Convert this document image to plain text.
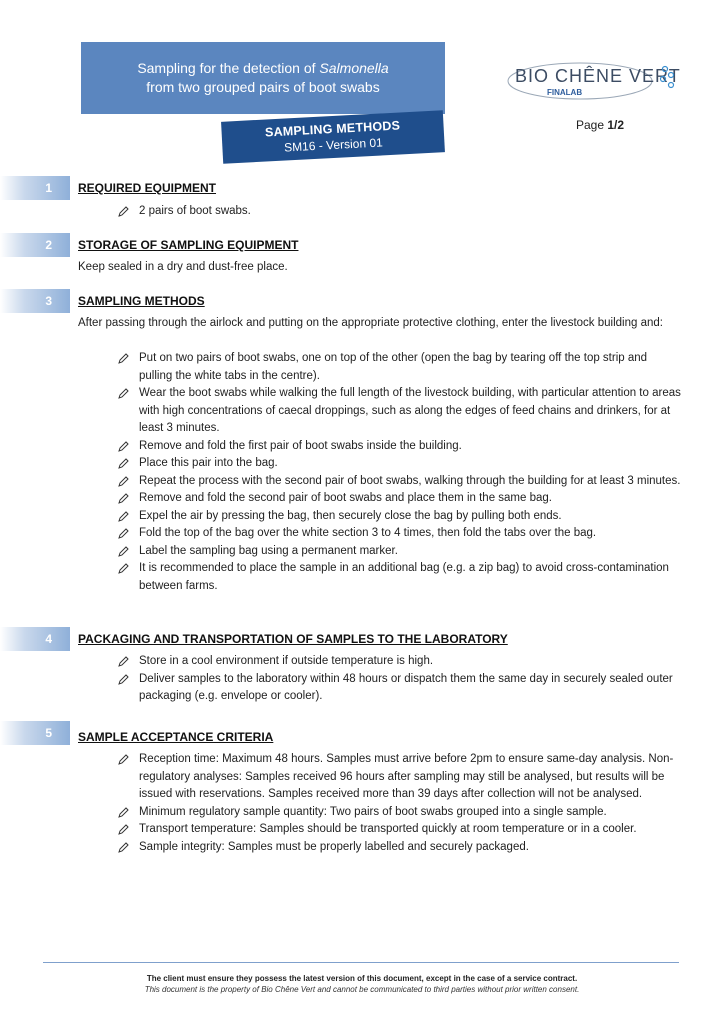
Sampling for the detection of Salmonella
from two grouped pairs of boot swabs
SAMPLING METHODS
SM16 - Version 01
BIO CHÊNE VERT
FINALAB
Page 1/2
1	REQUIRED EQUIPMENT
2 pairs of boot swabs.
2	STORAGE OF SAMPLING EQUIPMENT
Keep sealed in a dry and dust-free place.
3	SAMPLING METHODS
After passing through the airlock and putting on the appropriate protective clothing, enter the livestock building and:
Put on two pairs of boot swabs, one on top of the other (open the bag by tearing off the top strip and pulling the white tabs in the centre).
Wear the boot swabs while walking the full length of the livestock building, with particular attention to areas with high concentrations of caecal droppings, such as along the edges of feed chains and drinkers, for at least 3 minutes.
Remove and fold the first pair of boot swabs inside the building.
Place this pair into the bag.
Repeat the process with the second pair of boot swabs, walking through the building for at least 3 minutes.
Remove and fold the second pair of boot swabs and place them in the same bag.
Expel the air by pressing the bag, then securely close the bag by pulling both ends.
Fold the top of the bag over the white section 3 to 4 times, then fold the tabs over the bag.
Label the sampling bag using a permanent marker.
It is recommended to place the sample in an additional bag (e.g. a zip bag) to avoid cross-contamination between farms.
4	PACKAGING AND TRANSPORTATION OF SAMPLES TO THE LABORATORY
Store in a cool environment if outside temperature is high.
Deliver samples to the laboratory within 48 hours or dispatch them the same day in securely sealed outer packaging (e.g. envelope or cooler).
5	SAMPLE ACCEPTANCE CRITERIA
Reception time: Maximum 48 hours. Samples must arrive before 2pm to ensure same-day analysis. Non-regulatory analyses: Samples received 96 hours after sampling may still be analysed, but results will be issued with reservations. Samples received more than 39 days after collection will not be analysed.
Minimum regulatory sample quantity: Two pairs of boot swabs grouped into a single sample.
Transport temperature: Samples should be transported quickly at room temperature or in a cooler.
Sample integrity: Samples must be properly labelled and securely packaged.
The client must ensure they possess the latest version of this document, except in the case of a service contract.
This document is the property of Bio Chêne Vert and cannot be communicated to third parties without prior written consent.
